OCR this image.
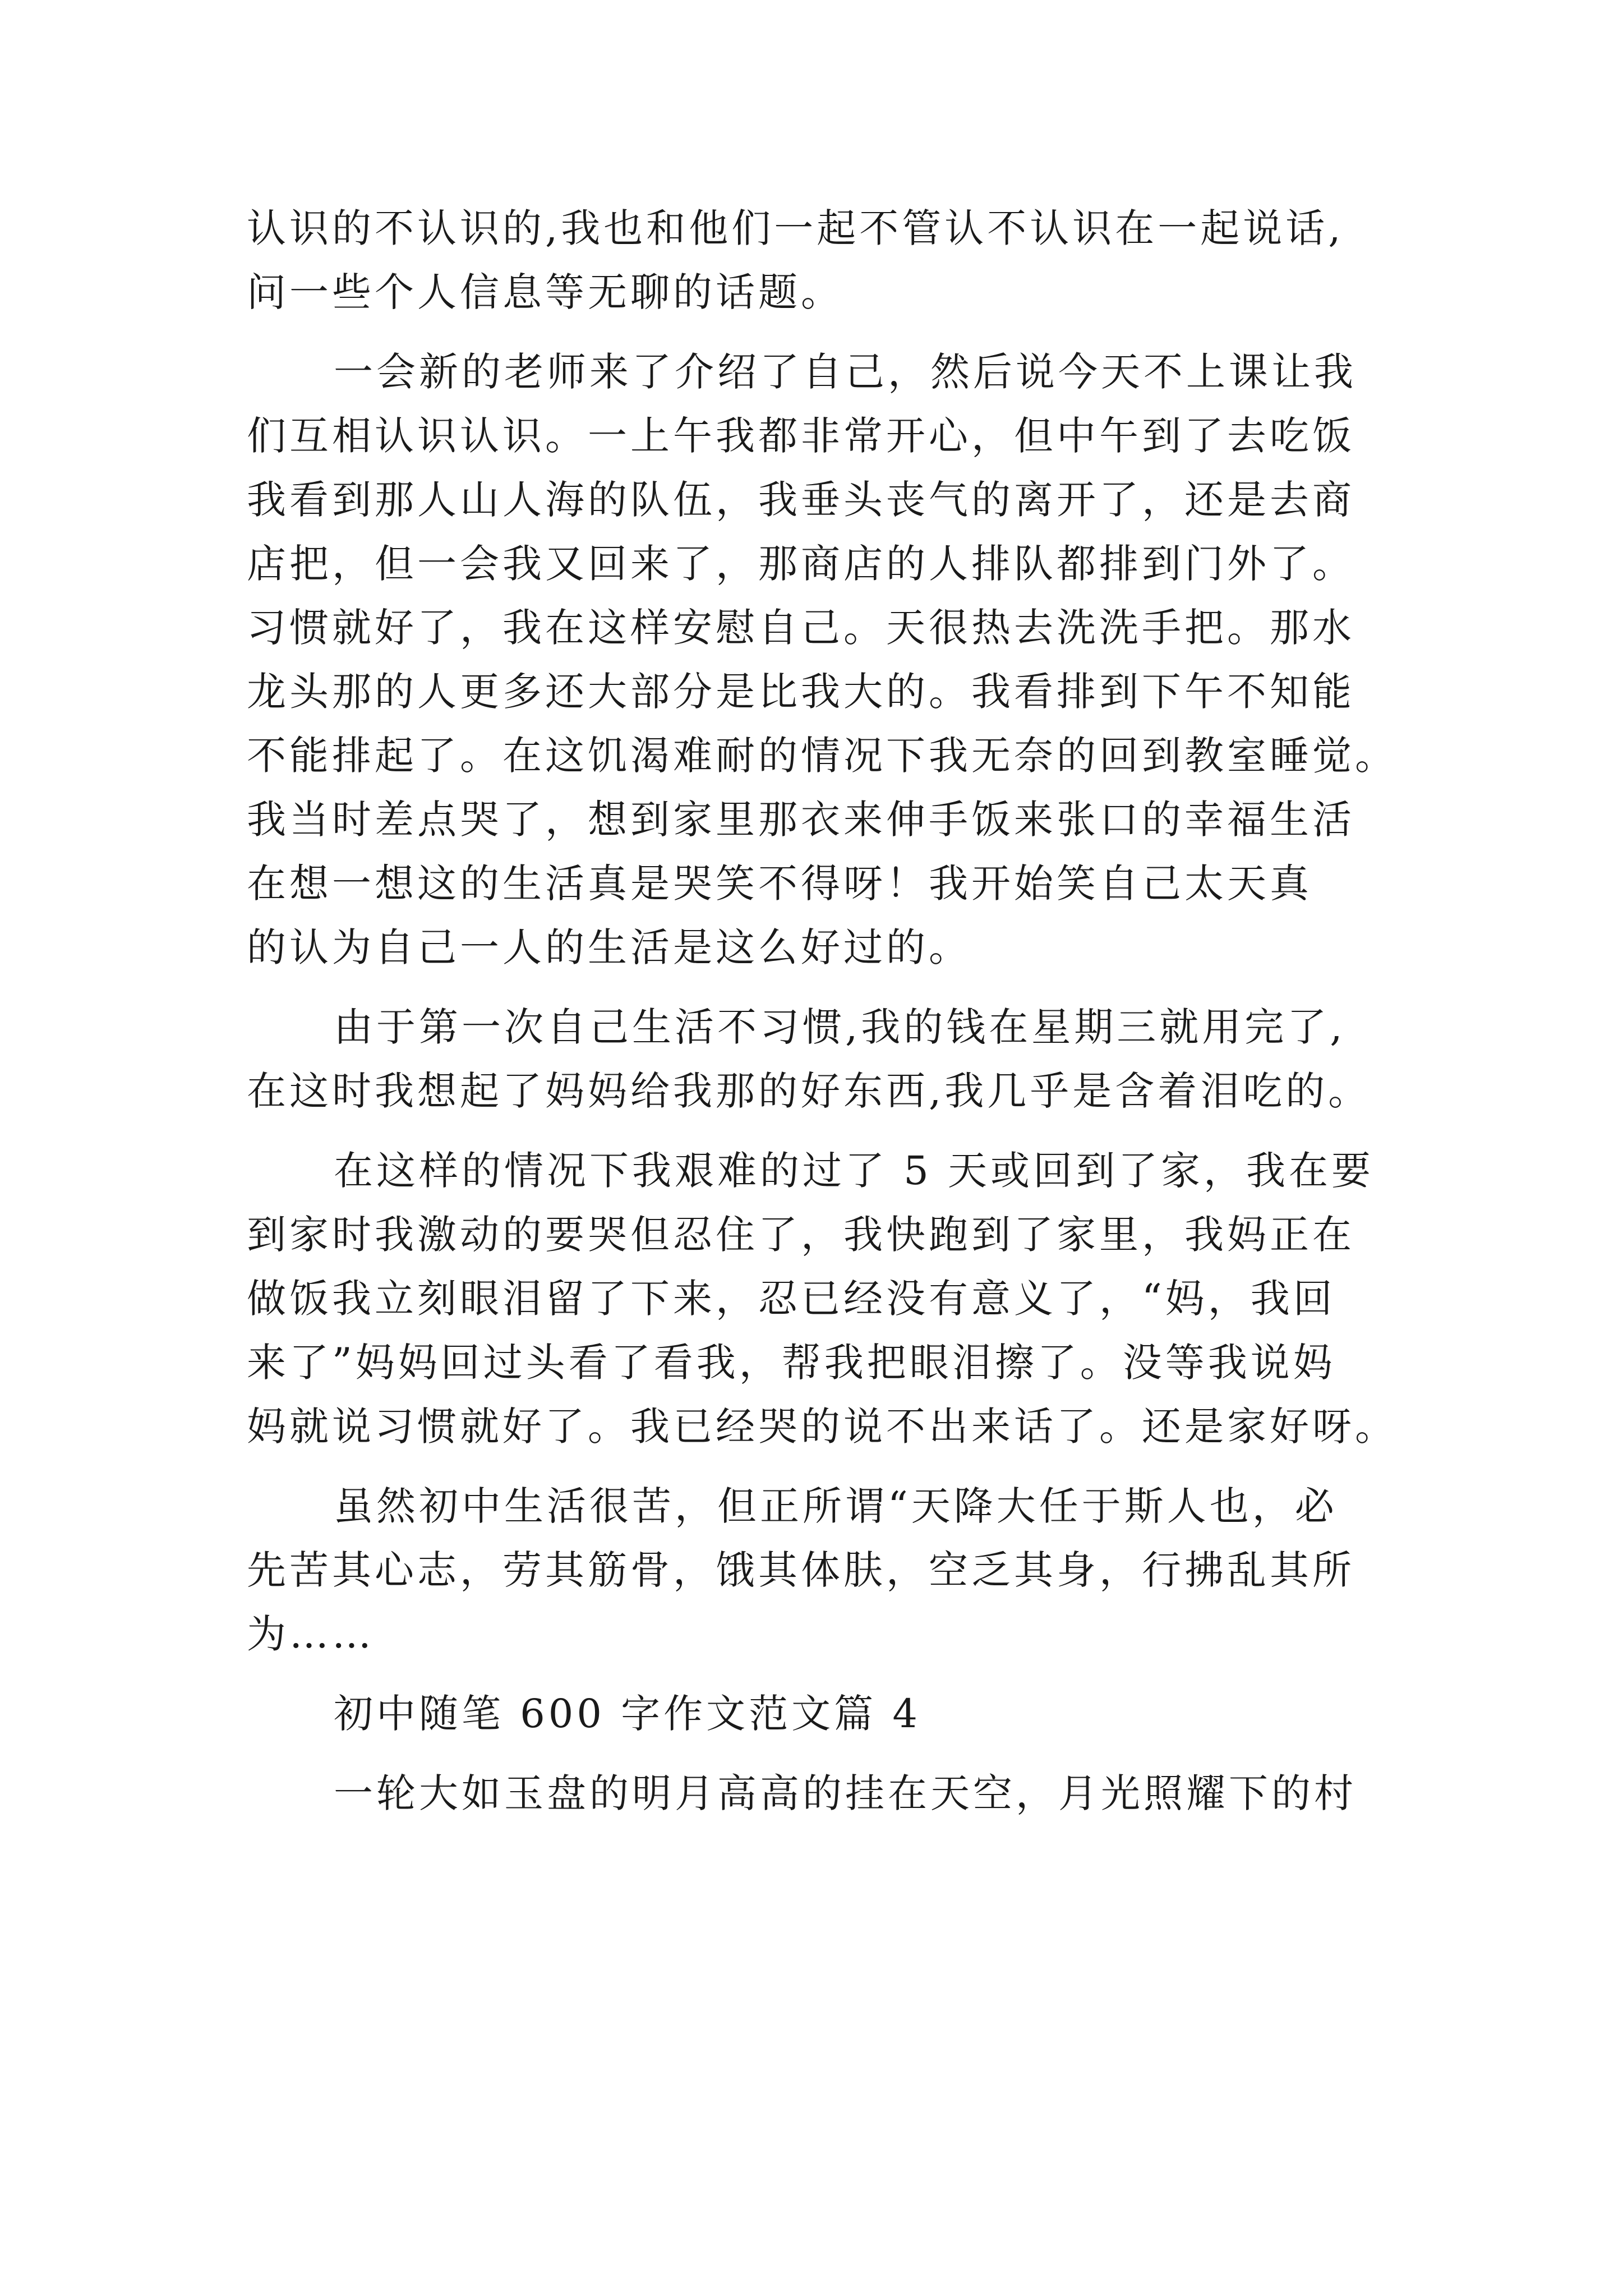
认识的不认识的,我也和他们一起不管认不认识在一起说话,
问一些个人信息等无聊的话题。
一会新的老师来了介绍了自己，然后说今天不上课让我
们互相认识认识。一上午我都非常开心，但中午到了去吃饭
我看到那人山人海的队伍，我垂头丧气的离开了，还是去商
店把，但一会我又回来了，那商店的人排队都排到门外了。
习惯就好了，我在这样安慰自己。天很热去洗洗手把。那水
龙头那的人更多还大部分是比我大的。我看排到下午不知能
不能排起了。在这饥渴难耐的情况下我无奈的回到教室睡觉。
我当时差点哭了，想到家里那衣来伸手饭来张口的幸福生活
在想一想这的生活真是哭笑不得呀！我开始笑自己太天真
的认为自己一人的生活是这么好过的。
由于第一次自己生活不习惯,我的钱在星期三就用完了,
在这时我想起了妈妈给我那的好东西,我几乎是含着泪吃的。
在这样的情况下我艰难的过了 5 天或回到了家，我在要
到家时我激动的要哭但忍住了，我快跑到了家里，我妈正在
做饭我立刻眼泪留了下来，忍已经没有意义了，“妈，我回
来了”妈妈回过头看了看我，帮我把眼泪擦了。没等我说妈
妈就说习惯就好了。我已经哭的说不出来话了。还是家好呀。
虽然初中生活很苦，但正所谓“天降大任于斯人也，必
先苦其心志，劳其筋骨，饿其体肤，空乏其身，行拂乱其所
为……
初中随笔 600 字作文范文篇 4
一轮大如玉盘的明月高高的挂在天空，月光照耀下的村
